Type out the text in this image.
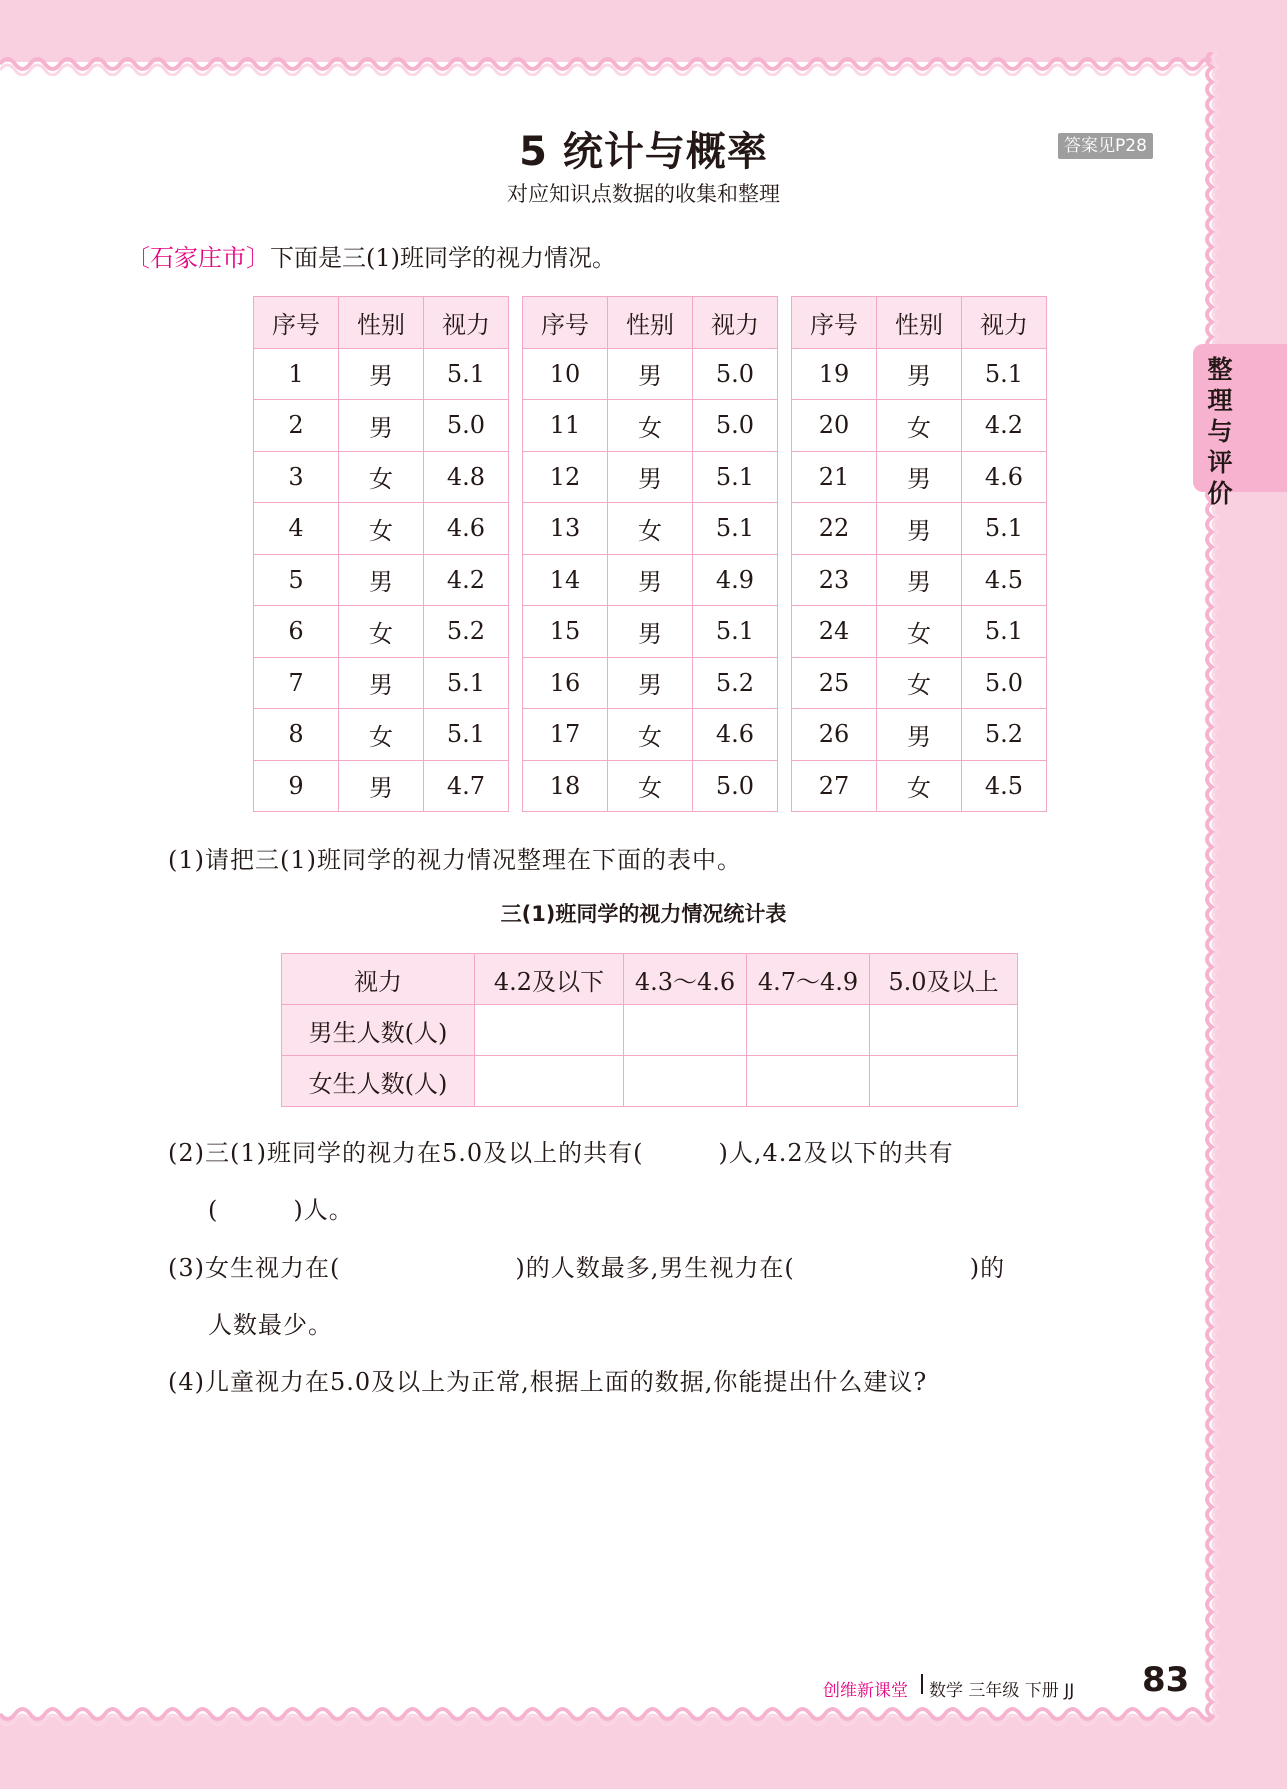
5 统计与概率	答案见P28
对应知识点数据的收集和整理
〔石家庄市〕下面是三(1)班同学的视力情况。
序号	性别	视力
1	男	5.1
2	男	5.0
3	女	4.8
4	女	4.6
5	男	4.2
6	女	5.2
7	男	5.1
8	女	5.1
9	男	4.7
序号	性别	视力
10	男	5.0
11	女	5.0
12	男	5.1
13	女	5.1
14	男	4.9
15	男	5.1
16	男	5.2
17	女	4.6
18	女	5.0
序号	性别	视力
19	男	5.1
20	女	4.2
21	男	4.6
22	男	5.1
23	男	4.5
24	女	5.1
25	女	5.0
26	男	5.2
27	女	4.5
(1)请把三(1)班同学的视力情况整理在下面的表中。
三(1)班同学的视力情况统计表
视力	4.2及以下	4.3～4.6	4.7～4.9	5.0及以上
男生人数(人)				
女生人数(人)				
(2)三(1)班同学的视力在5.0及以上的共有(　　　)人,4.2及以下的共有
(　　　)人。
(3)女生视力在(　　　　　　　)的人数最多,男生视力在(　　　　　　　)的
人数最少。
(4)儿童视力在5.0及以上为正常,根据上面的数据,你能提出什么建议?
整理与评价
创维新课堂 数学 三年级 下册 JJ 83
